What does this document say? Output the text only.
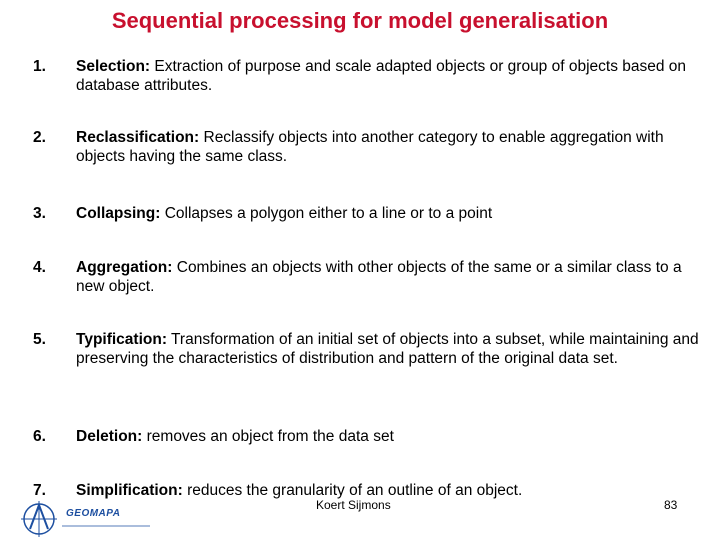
Sequential processing for model generalisation
1. Selection: Extraction of purpose and scale adapted objects or group of objects based on database attributes.
2. Reclassification: Reclassify objects into another category to enable aggregation with objects having the same class.
3. Collapsing: Collapses a polygon either to a line or to a point
4. Aggregation: Combines an objects with other objects of the same or a similar class to a new object.
5. Typification: Transformation of an initial set of objects into a subset, while maintaining and preserving the characteristics of distribution and pattern of the original data set.
6. Deletion: removes an object from the data set
7. Simplification: reduces the granularity of an outline of an object.
GEOMAPA
Koert Sijmons	83
